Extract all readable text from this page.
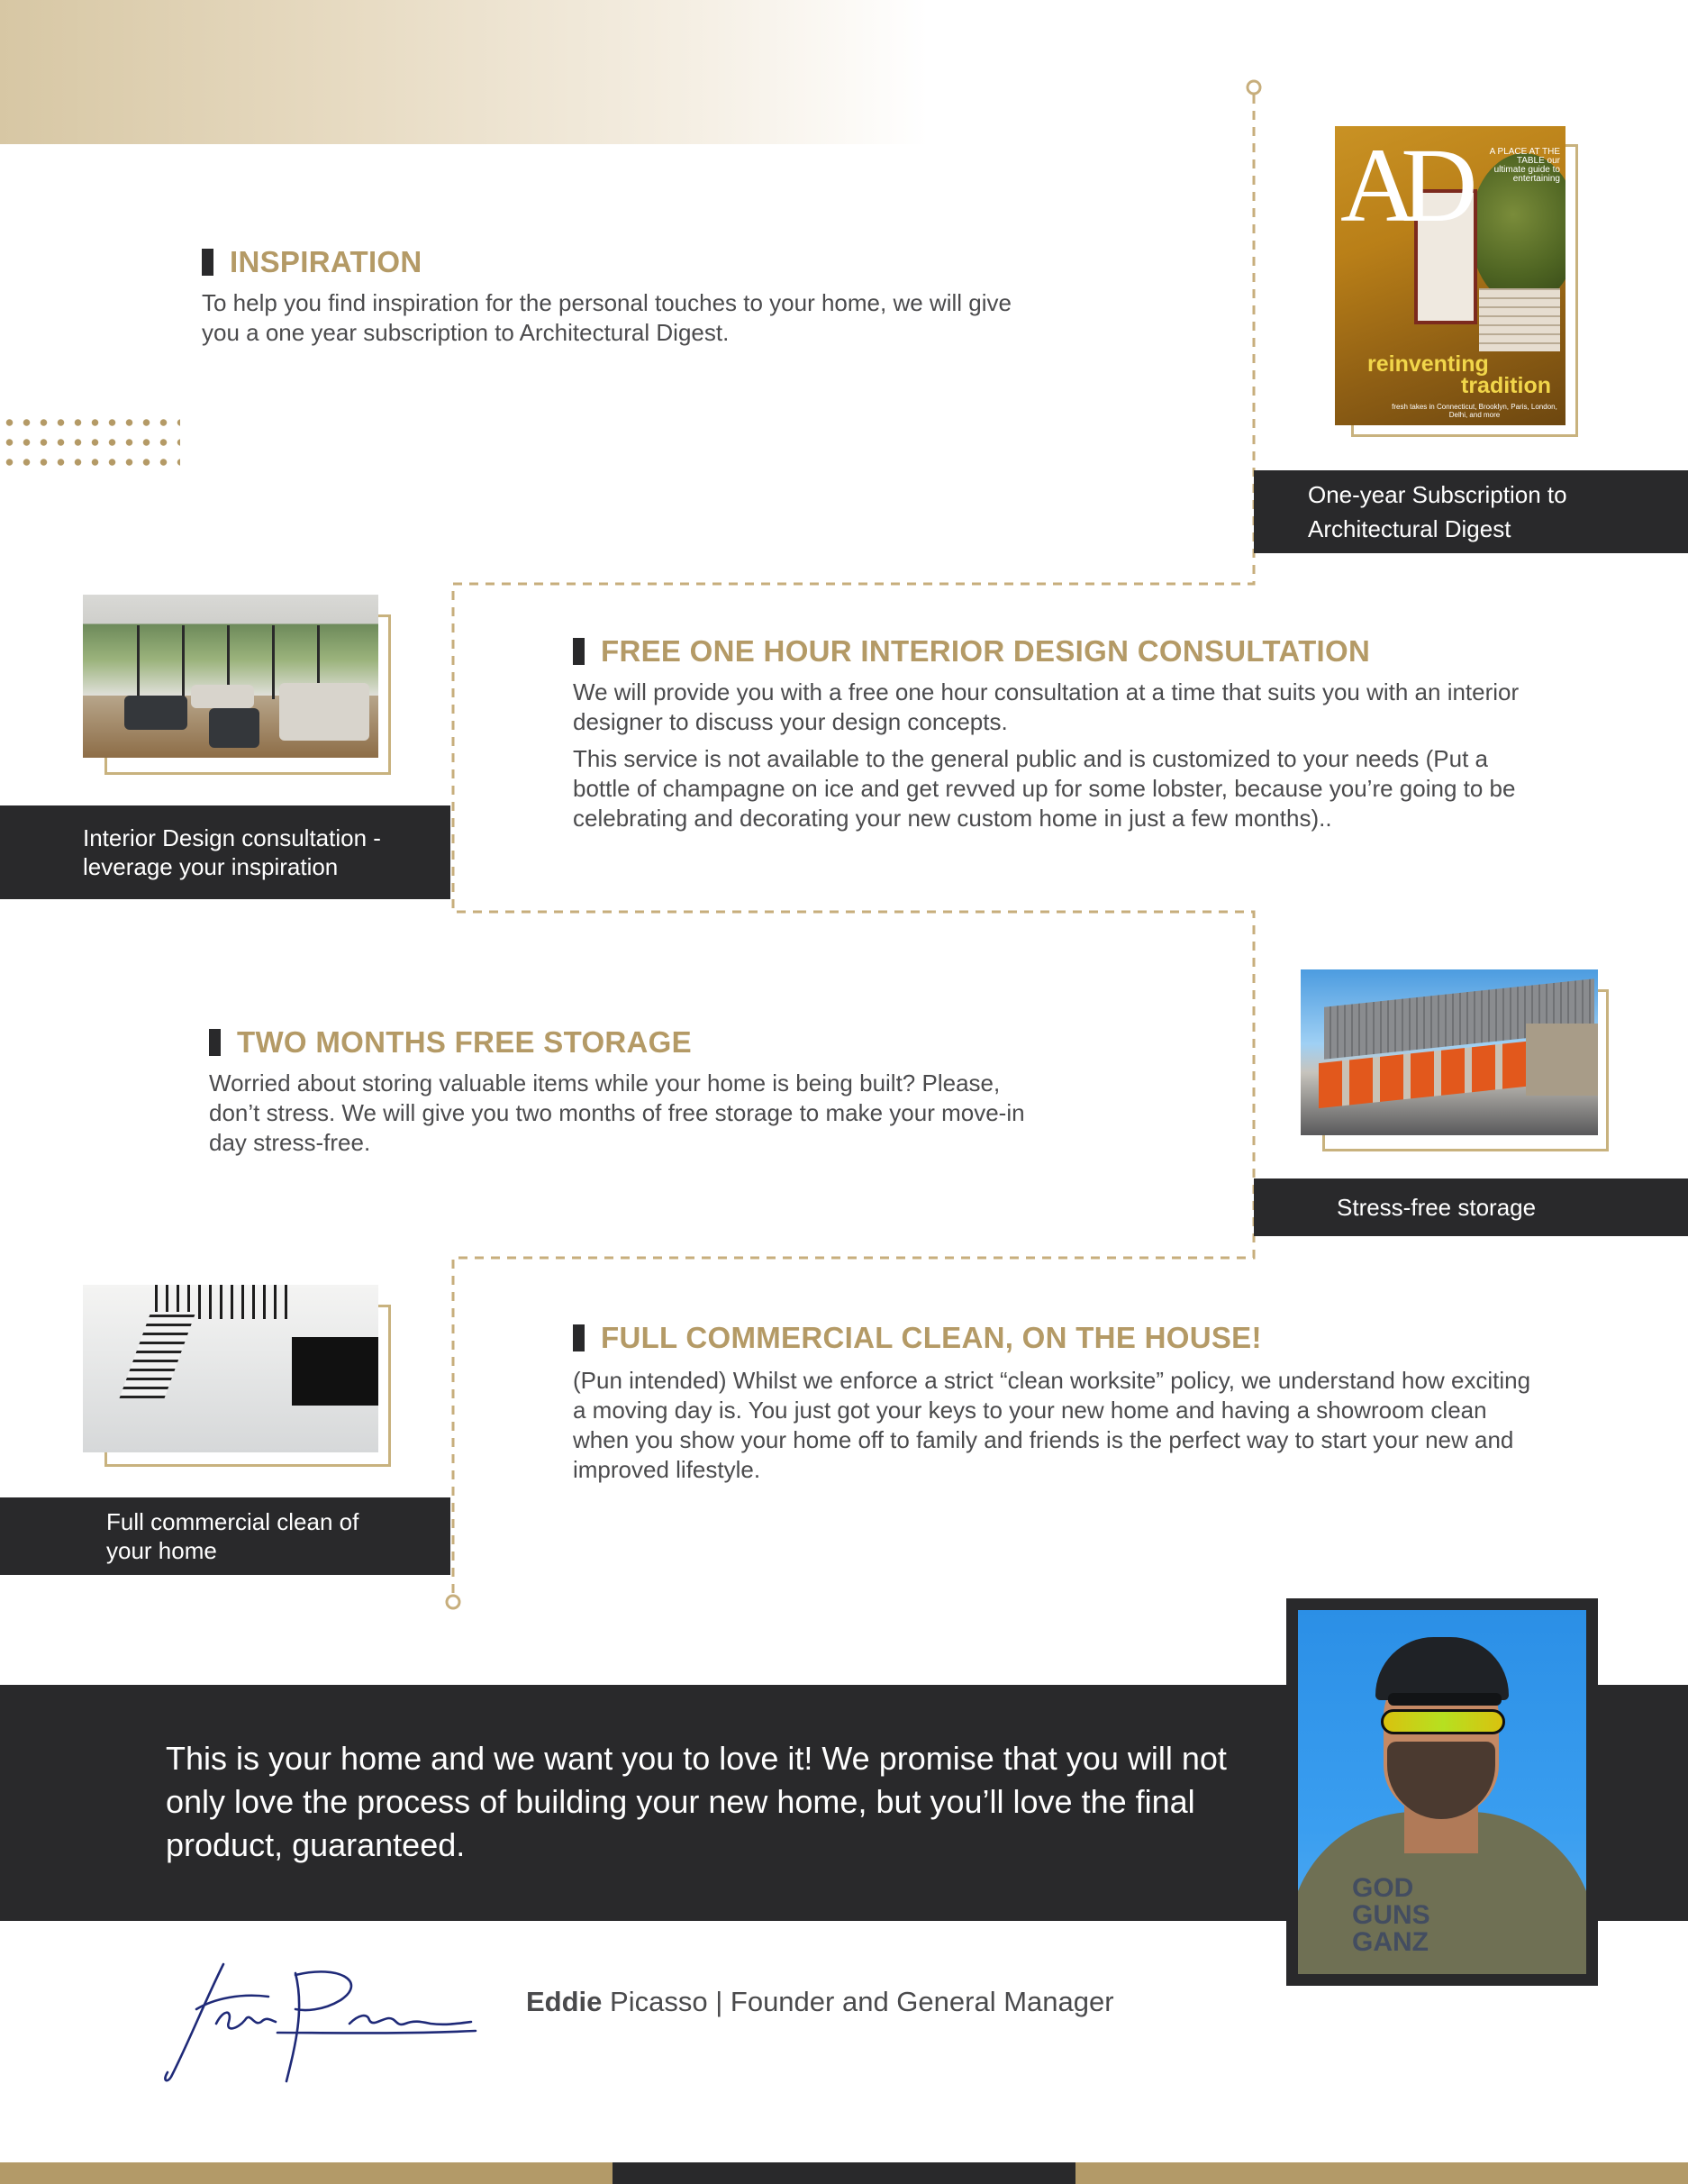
INSPIRATION

To help you find inspiration for the personal touches to your home, we will give you a one year subscription to Architectural Digest.

AD	A PLACE AT THE TABLE our ultimate guide to entertaining
reinventing
tradition
fresh takes in Connecticut, Brooklyn, Paris, London, Delhi, and more
One-year Subscription to Architectural Digest
Interior Design consultation - leverage your inspiration
FREE ONE HOUR INTERIOR DESIGN CONSULTATION

We will provide you with a free one hour consultation at a time that suits you with an interior designer to discuss your design concepts.

This service is not available to the general public and is customized to your needs (Put a bottle of champagne on ice and get revved up for some lobster, because you’re going to be celebrating and decorating your new custom home in just a few months)..

TWO MONTHS FREE STORAGE

Worried about storing valuable items while your home is being built? Please, don’t stress. We will give you two months of free storage to make your move-in day stress-free.

Stress-free storage
Full commercial clean of your home
FULL COMMERCIAL CLEAN, ON THE HOUSE!

(Pun intended) Whilst we enforce a strict “clean worksite” policy, we understand how exciting a moving day is. You just got your keys to your new home and having a showroom clean when you show your home off to family and friends is the perfect way to start your new and improved lifestyle.

This is your home and we want you to love it! We promise that you will not only love the process of building your new home, but you’ll love the final product, guaranteed.
GOD GUNS GANZ
Eddie Picasso | Founder and General Manager
